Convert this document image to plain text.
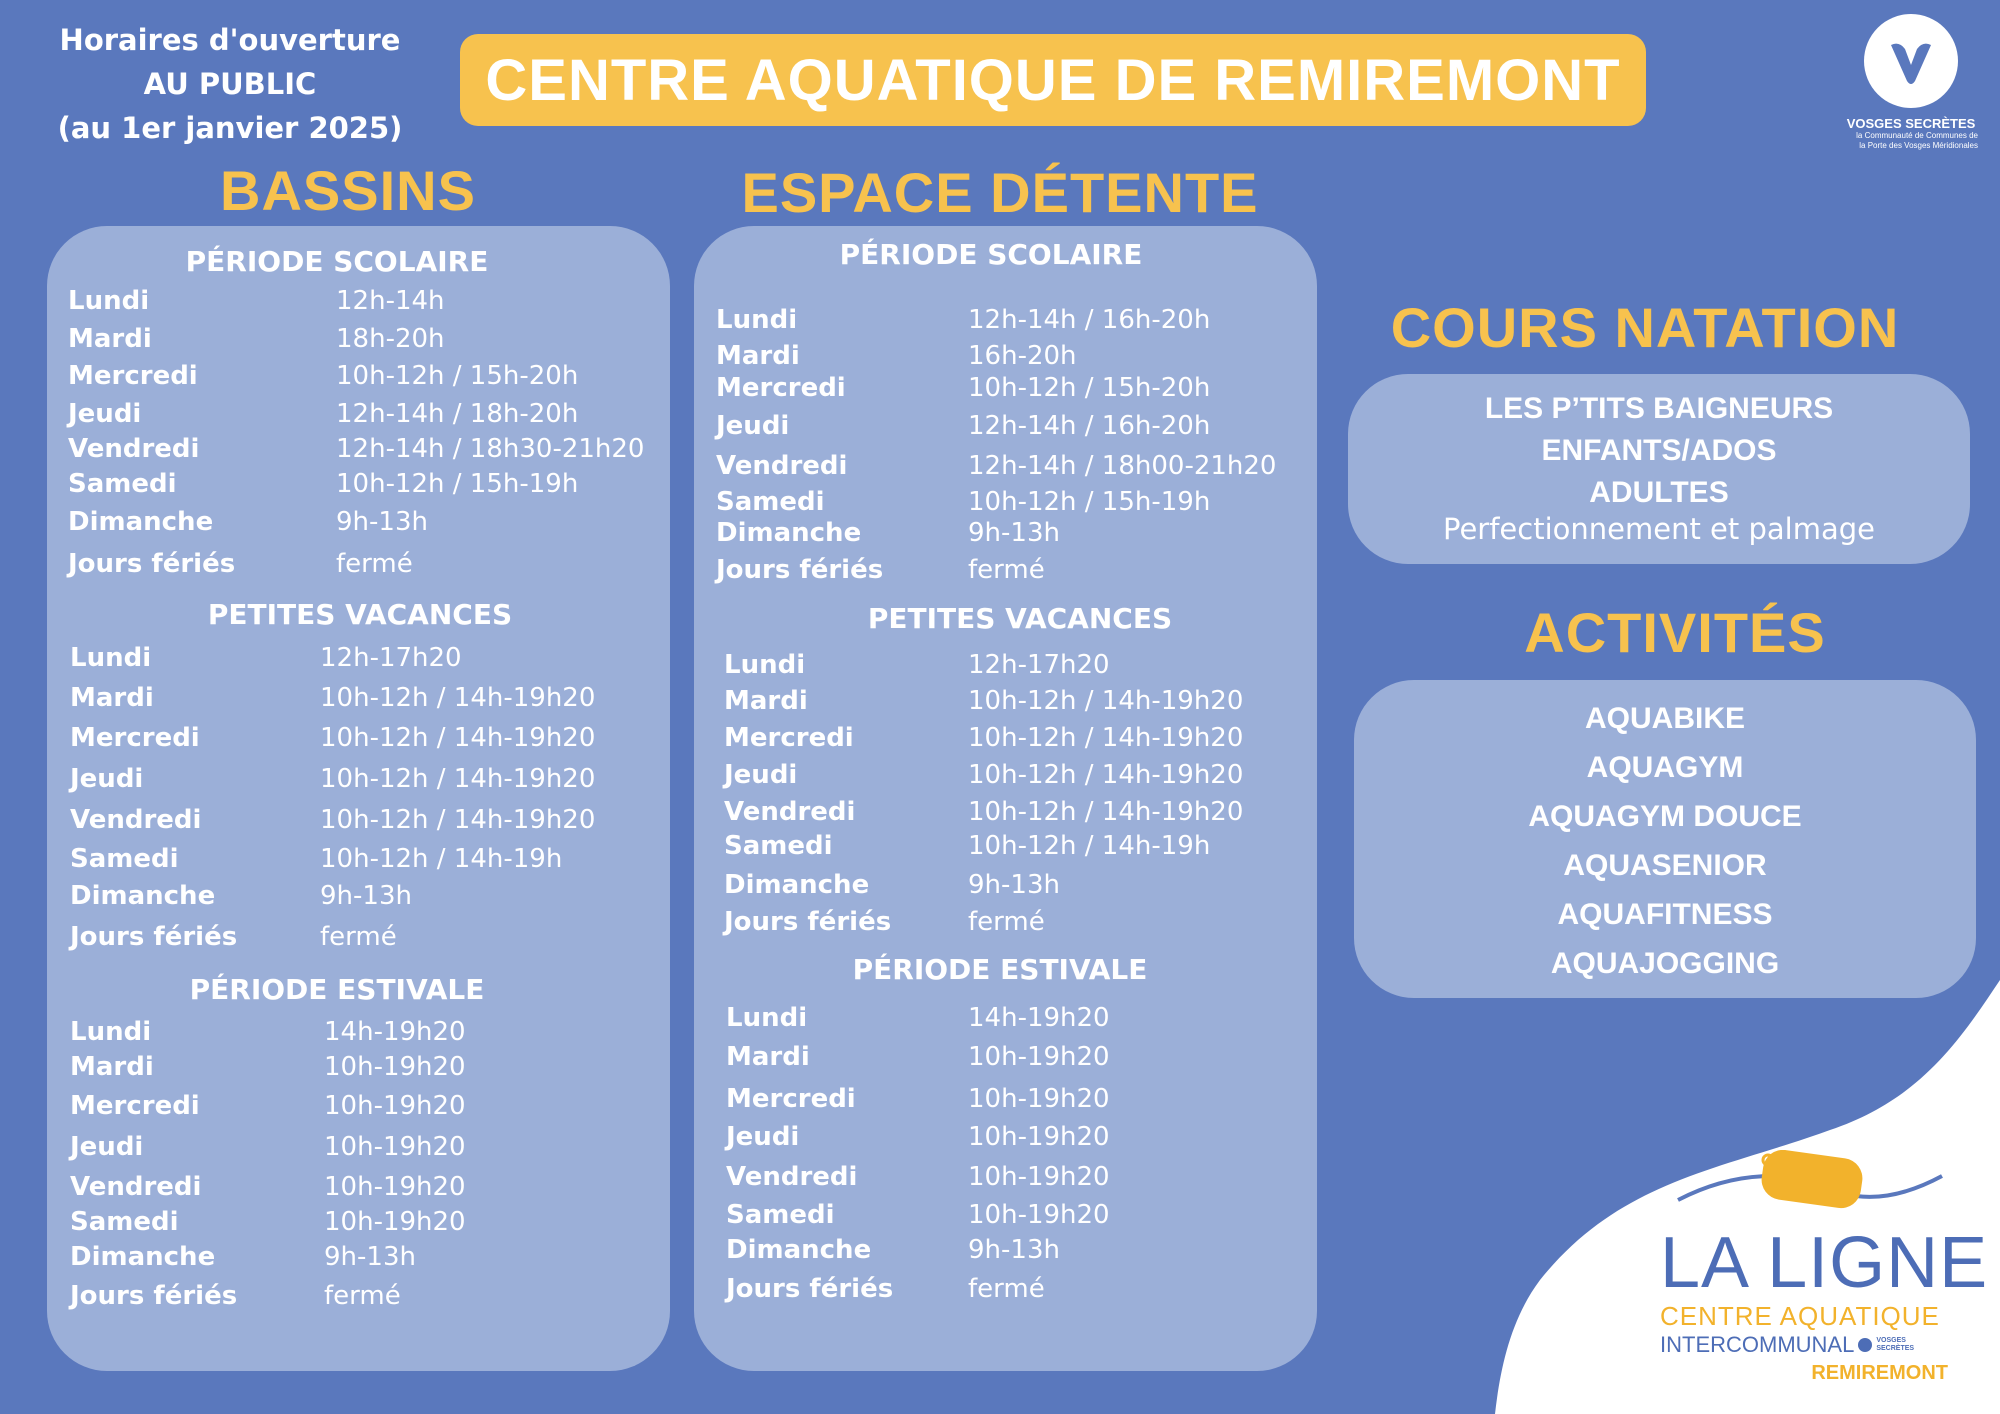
Horaires d'ouverture
AU PUBLIC
(au 1er janvier 2025)
CENTRE AQUATIQUE DE REMIREMONT
VOSGES SECRÈTES
la Communauté de Communes de
la Porte des Vosges Méridionales
BASSINS	ESPACE DÉTENTE
COURS NATATION
ACTIVITÉS
PÉRIODE SCOLAIRE
PETITES VACANCES
PÉRIODE ESTIVALE
PÉRIODE SCOLAIRE
PETITES VACANCES
PÉRIODE ESTIVALE
Lundi	12h-14h
Mardi	18h-20h
Mercredi	10h-12h / 15h-20h
Jeudi	12h-14h / 18h-20h
Vendredi	12h-14h / 18h30-21h20
Samedi	10h-12h / 15h-19h
Dimanche	9h-13h
Jours fériés	fermé
Lundi	12h-17h20
Mardi	10h-12h / 14h-19h20
Mercredi	10h-12h / 14h-19h20
Jeudi	10h-12h / 14h-19h20
Vendredi	10h-12h / 14h-19h20
Samedi	10h-12h / 14h-19h
Dimanche	9h-13h
Jours fériés	fermé
Lundi	14h-19h20
Mardi	10h-19h20
Mercredi	10h-19h20
Jeudi	10h-19h20
Vendredi	10h-19h20
Samedi	10h-19h20
Dimanche	9h-13h
Jours fériés	fermé
Lundi	12h-14h / 16h-20h
Mardi	16h-20h
Mercredi	10h-12h / 15h-20h
Jeudi	12h-14h / 16h-20h
Vendredi	12h-14h / 18h00-21h20
Samedi	10h-12h / 15h-19h
Dimanche	9h-13h
Jours fériés	fermé
Lundi	12h-17h20
Mardi	10h-12h / 14h-19h20
Mercredi	10h-12h / 14h-19h20
Jeudi	10h-12h / 14h-19h20
Vendredi	10h-12h / 14h-19h20
Samedi	10h-12h / 14h-19h
Dimanche	9h-13h
Jours fériés	fermé
Lundi	14h-19h20
Mardi	10h-19h20
Mercredi	10h-19h20
Jeudi	10h-19h20
Vendredi	10h-19h20
Samedi	10h-19h20
Dimanche	9h-13h
Jours fériés	fermé
LES P’TITS BAIGNEURS
ENFANTS/ADOS
ADULTES
Perfectionnement et palmage
AQUABIKE
AQUAGYM
AQUAGYM DOUCE
AQUASENIOR
AQUAFITNESS
AQUAJOGGING
LA LIGNE
CENTRE AQUATIQUE
INTERCOMMUNAL	VOSGES
SECRÈTES
REMIREMONT
